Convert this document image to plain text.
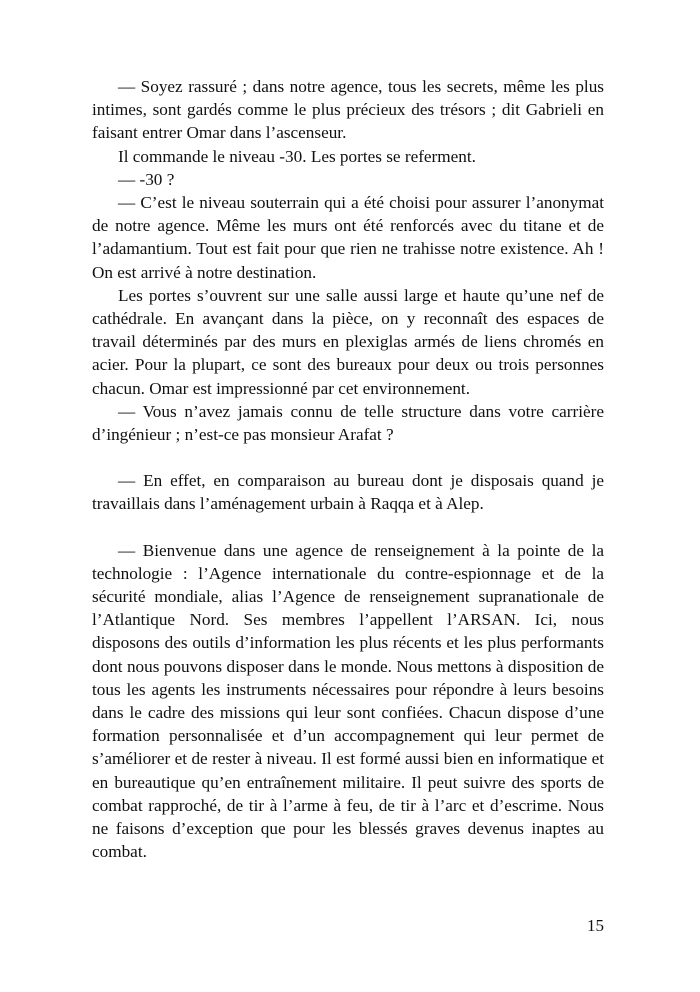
— Soyez rassuré ; dans notre agence, tous les secrets, même les plus intimes, sont gardés comme le plus précieux des trésors ; dit Gabrieli en faisant entrer Omar dans l’ascenseur.

Il commande le niveau -30. Les portes se referment.

— -30 ?

— C’est le niveau souterrain qui a été choisi pour assurer l’anonymat de notre agence. Même les murs ont été renforcés avec du titane et de l’adamantium. Tout est fait pour que rien ne trahisse notre existence. Ah ! On est arrivé à notre destination.

Les portes s’ouvrent sur une salle aussi large et haute qu’une nef de cathédrale. En avançant dans la pièce, on y reconnaît des espaces de travail déterminés par des murs en plexiglas armés de liens chromés en acier. Pour la plupart, ce sont des bureaux pour deux ou trois personnes chacun. Omar est impressionné par cet environnement.

— Vous n’avez jamais connu de telle structure dans votre carrière d’ingénieur ; n’est-ce pas monsieur Arafat ?

— En effet, en comparaison au bureau dont je disposais quand je travaillais dans l’aménagement urbain à Raqqa et à Alep.

— Bienvenue dans une agence de renseignement à la pointe de la technologie : l’Agence internationale du contre-espionnage et de la sécurité mondiale, alias l’Agence de renseignement supranationale de l’Atlantique Nord. Ses membres l’appellent l’ARSAN. Ici, nous disposons des outils d’information les plus récents et les plus performants dont nous pouvons disposer dans le monde. Nous mettons à disposition de tous les agents les instruments nécessaires pour répondre à leurs besoins dans le cadre des missions qui leur sont confiées. Chacun dispose d’une formation personnalisée et d’un accompagnement qui leur permet de s’améliorer et de rester à niveau. Il est formé aussi bien en informatique et en bureautique qu’en entraînement militaire. Il peut suivre des sports de combat rapproché, de tir à l’arme à feu, de tir à l’arc et d’escrime. Nous ne faisons d’exception que pour les blessés graves devenus inaptes au combat.

15
